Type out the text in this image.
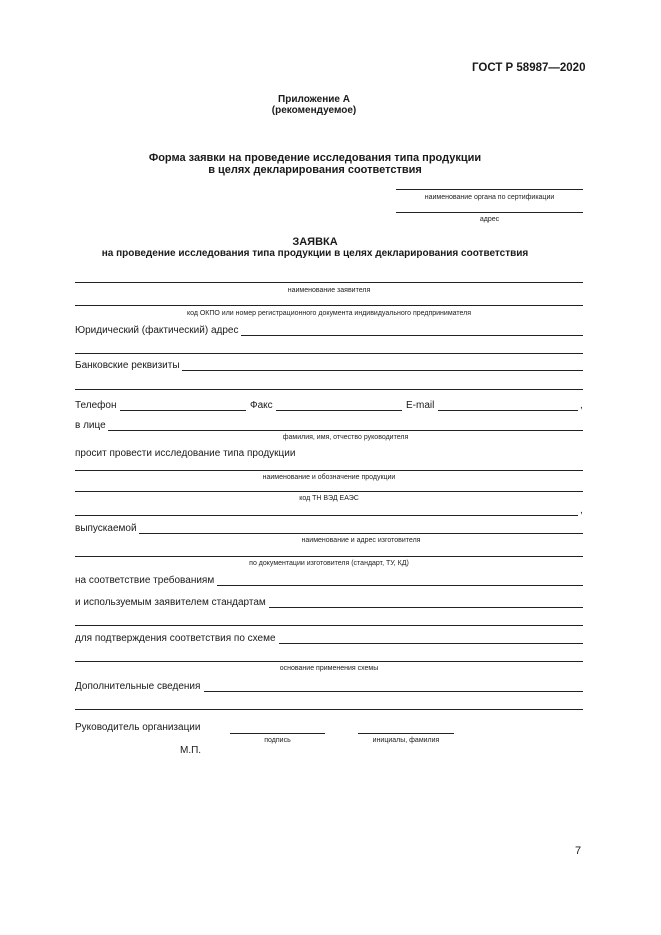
ГОСТ Р 58987—2020
Приложение А
(рекомендуемое)
Форма заявки на проведение исследования типа продукции
в целях декларирования соответствия
наименование органа по сертификации
адрес
ЗАЯВКА
на проведение исследования типа продукции в целях декларирования соответствия
наименование заявителя
код ОКПО или номер регистрационного документа индивидуального предпринимателя
Юридический (фактический) адрес
Банковские реквизиты
Телефон	Факс	E-mail	,
в лице
фамилия, имя, отчество руководителя
просит провести исследование типа продукции
наименование и обозначение продукции
код ТН ВЭД ЕАЭС
,
выпускаемой
наименование и адрес изготовителя
по документации изготовителя (стандарт, ТУ, КД)
на соответствие требованиям
и используемым заявителем стандартам
для подтверждения соответствия по схеме
основание применения схемы
Дополнительные сведения
Руководитель организации
подпись	инициалы, фамилия
М.П.
7
